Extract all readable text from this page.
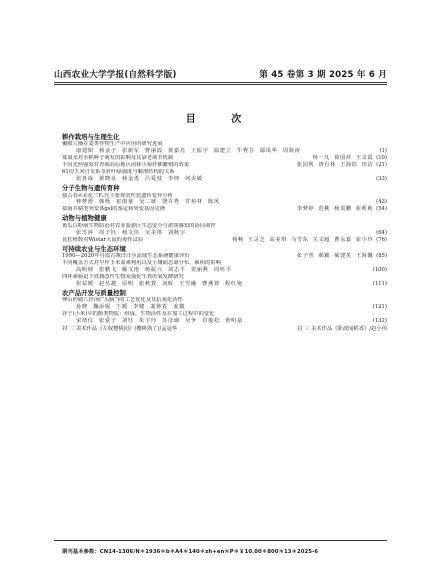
山西农业大学学报(自然科学版)	第 45 卷第 3 期 2025 年 6 月
目 次
耕作栽培与生理生化
覆膜穴播在麦类作物生产中应用的研究进展
康建娟 杨金子 张新军 曹丽霞 黄嘉亮 王振宇 温建立 牛秀芬 鄢凤华 周海涛	(1)
寡氮水对水稻种子萌发的影响及其衰老调节机制	杨一凡 徐国祥 王义霞 (10)
不同光照强度对青海高原地区园林小菊扦插繁殖的效果	张园莉 唐有林 王海滨 田洁 (21)
61份玉米自交系茎秆叶绿强度与解剖结构的关系
张喜成 黄晓良 杨金勇 吕爱枝 李坤 何美敏	(33)
分子生物与遗传育种
独占春×美花兰F₁代主要观赏性状遗传变异分析
钟梦澄 韩烁 崔雨童 吴二琥 饶卉秀 甘裕材 陈风	(43)
拟南芥腈类突变体gsl的鉴定和突变基因克隆	李梦婷 范桃 杨贺鹏 崔莉莉 (54)
动物与植物健康
黄瓜白粉病生物防治对农业旅游区生态安全与游客感知的协同调控
张雪萍 周子钰 杨文佳 吴美琪 刘秋宇	(64)
芪松植数对Wistar大鼠的毒性试验	杨畅 王灵芝 高美琪 马雪东 关文超 曹永嘉 崔小玲 (76)
可持续农业与生态环境
1990—2020年丹霞古寨洋洋尔流域生态系统健康评价	张子萱 郝颖 郝建英 王海馨 (85)
不同覆盖方式对早作玉米氮素利用以及土壤硝态氮分布、累积的影响
高明坡 张鹏飞 解文艳 杨振兴 刘志平 贺丽燕 周怀平	(100)
四环素胁迫下铁锈改性生物炭强化牛粪厌氧发酵研究
张益媛 赵丛越 原明 张秋賀 刘晖 王雪融 曹燕蓉 程红艳	(111)
农产品开发与质量控制
傅山药膳八珍汤(“头脑”)的工艺优化及其抗氧化活性
孙晓 魏添妮 王暖 李健 裴钟霓 姜微	(121)
谷子(小米)中的酚类物质：组成、生物活性及在加工过程中的变化
宋靖仪 张爱子 刘钰 朱宇玲 苏彦瑜 吴争 肖俊松 黄明泉	(132)
封 二 美术作品《左权樱桃园》(樱桃熟了)/孟冠华	封 三 美术作品《卧波闻稻香》/赵小伟
期刊基本参数：CN14-1306/N＊1936＊b＊A4＊140＊zh+en＊P＊￥10.00＊800＊13＊2025-6
